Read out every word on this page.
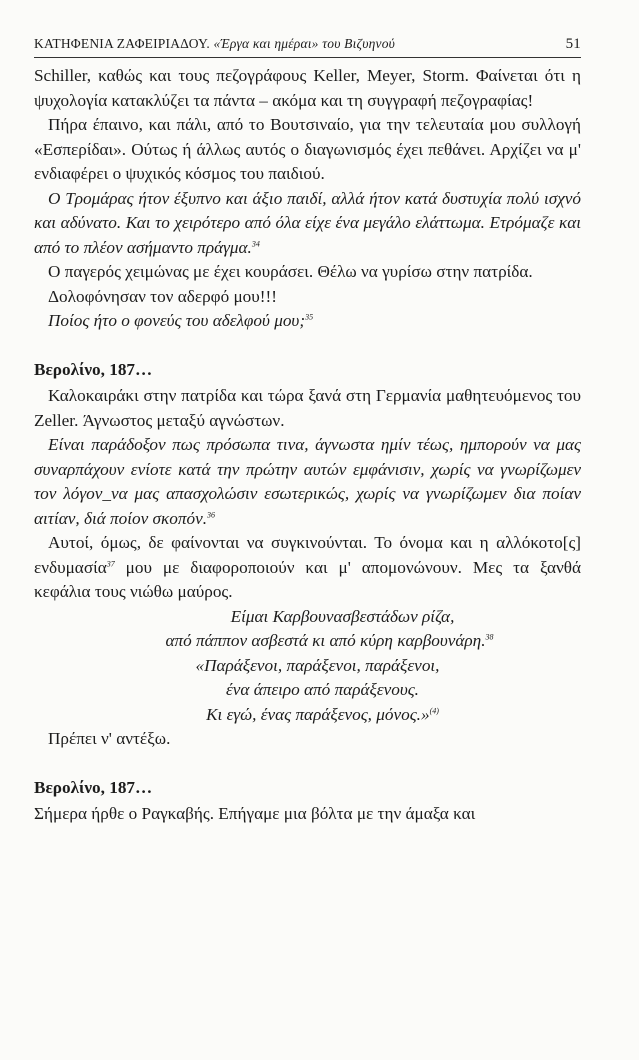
ΚΑΤΗΦΕΝΙΑ ΖΑΦΕΙΡΙΑΔΟΥ. «Έργα και ημέραι» του Βιζυηνού	51

Schiller, καθώς και τους πεζογράφους Keller, Meyer, Storm. Φαίνεται ότι η ψυχολογία κατακλύζει τα πάντα – ακόμα και τη συγγραφή πεζογραφίας!

Πήρα έπαινο, και πάλι, από το Βουτσιναίο, για την τελευταία μου συλλογή «Εσπερίδαι». Ούτως ή άλλως αυτός ο διαγωνισμός έχει πεθάνει. Αρχίζει να μ' ενδιαφέρει ο ψυχικός κόσμος του παιδιού.

Ο Τρομάρας ήτον έξυπνο και άξιο παιδί, αλλά ήτον κατά δυστυχία πολύ ισχνό και αδύνατο. Και το χειρότερο από όλα είχε ένα μεγάλο ελάττωμα. Ετρόμαζε και από το πλέον ασήμαντο πράγμα.$^{34}$

Ο παγερός χειμώνας με έχει κουράσει. Θέλω να γυρίσω στην πατρίδα.

Δολοφόνησαν τον αδερφό μου!!!

Ποίος ήτο ο φονεύς του αδελφού μου;$^{35}$

Βερολίνο, 187…

Καλοκαιράκι στην πατρίδα και τώρα ξανά στη Γερμανία μαθητευόμενος του Zeller. Άγνωστος μεταξύ αγνώστων.

Είναι παράδοξον πως πρόσωπα τινα, άγνωστα ημίν τέως, ημπορούν να μας συναρπάχουν ενίοτε κατά την πρώτην αυτών εμφάνισιν, χωρίς να γνωρίζωμεν τον λόγον_να μας απασχολώσιν εσωτερικώς, χωρίς να γνωρίζωμεν δια ποίαν αιτίαν, διά ποίον σκοπόν.$^{36}$

Αυτοί, όμως, δε φαίνονται να συγκινούνται. Το όνομα και η αλλόκοτο[ς] ενδυμασία$^{37}$ μου με διαφοροποιούν και μ' απομονώνουν. Μες τα ξανθά κεφάλια τους νιώθω μαύρος.

Είμαι Καρβουνασβεστάδων ρίζα,
από πάππον ασβεστά κι από κύρη καρβουνάρη.$^{38}$
«Παράξενοι, παράξενοι, παράξενοι,
ένα άπειρο από παράξενους.
Κι εγώ, ένας παράξενος, μόνος.»$^{(4)}$

Πρέπει ν' αντέξω.

Βερολίνο, 187…

Σήμερα ήρθε ο Ραγκαβής. Επήγαμε μια βόλτα με την άμαξα και
